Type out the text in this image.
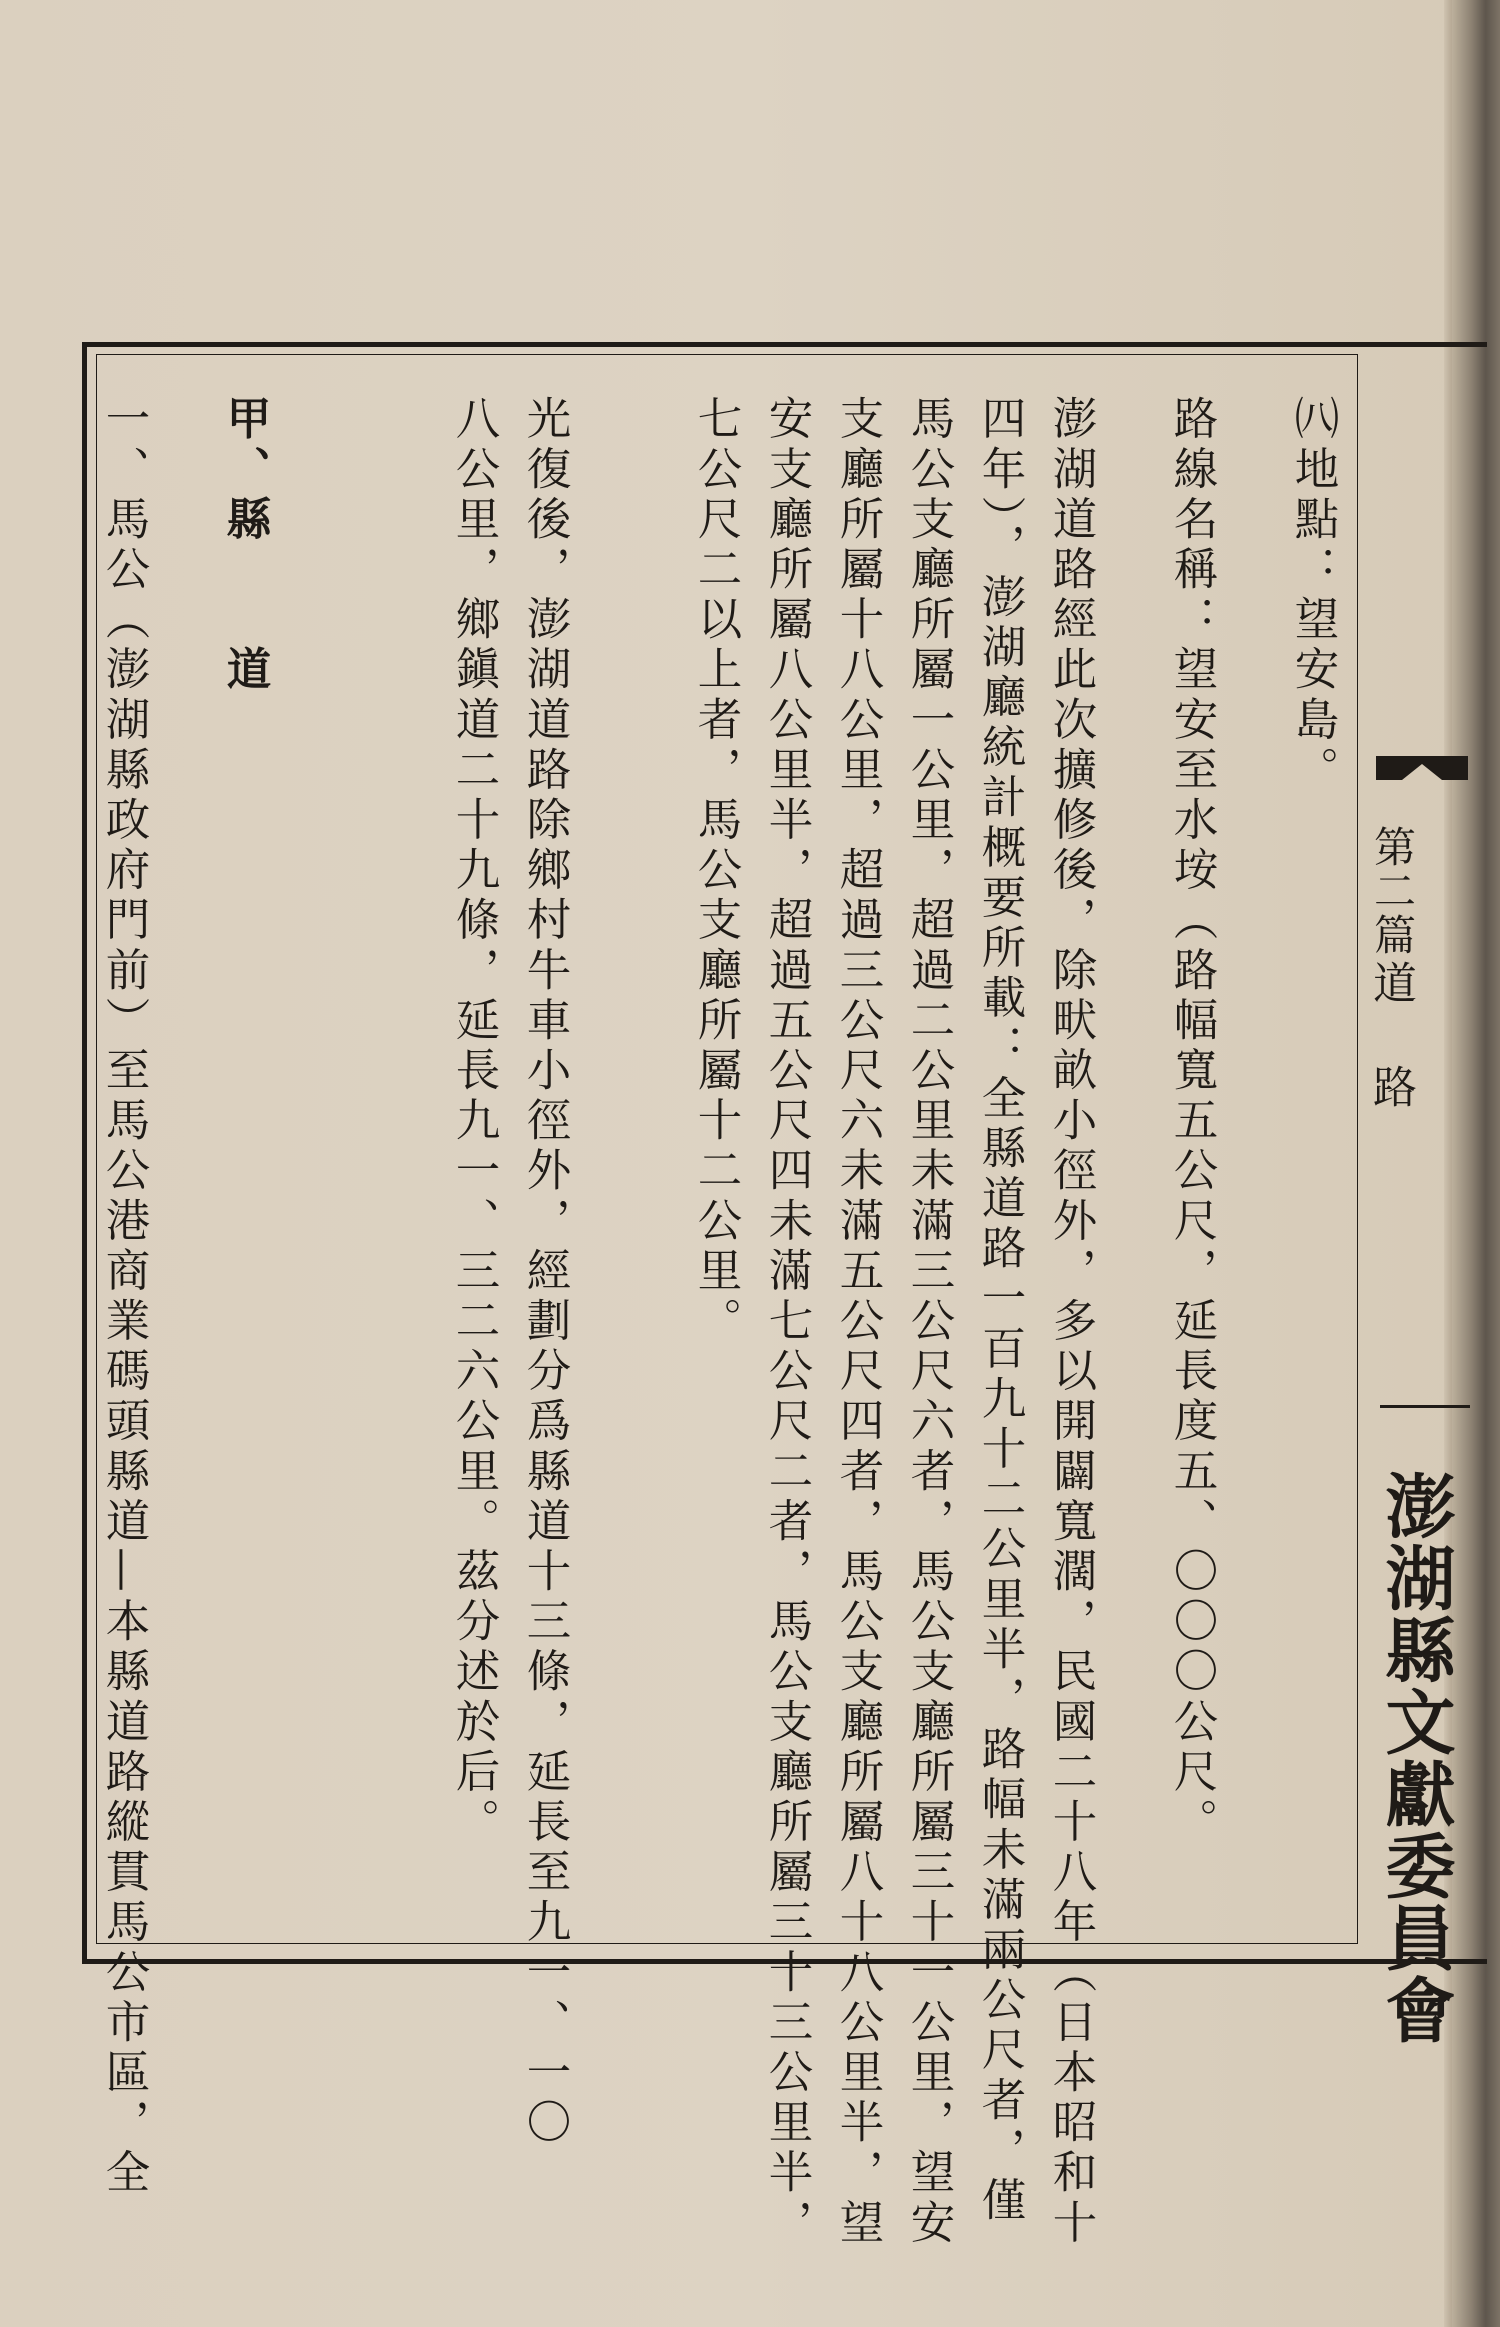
第二篇
道路
澎湖縣文獻委員會
㈧地點：望安島。
路線名稱：望安至水垵（路幅寬五公尺，延長度五、〇〇〇公尺。
澎湖道路經此次擴修後，除畎畝小徑外，多以開闢寬濶，民國二十八年（日本昭和十
四年），澎湖廳統計概要所載：全縣道路一百九十二公里半，路幅未滿兩公尺者，僅
馬公支廳所屬一公里，超過二公里未滿三公尺六者，馬公支廳所屬三十一公里，望安
支廳所屬十八公里，超過三公尺六未滿五公尺四者，馬公支廳所屬八十八公里半，望
安支廳所屬八公里半，超過五公尺四未滿七公尺二者，馬公支廳所屬三十三公里半，
七公尺二以上者，馬公支廳所屬十二公里。
光復後，澎湖道路除鄉村牛車小徑外，經劃分爲縣道十三條，延長至九一、一〇
八公里，鄉鎭道二十九條，延長九一、三二六公里。茲分述於后。
甲、縣　　道
一、馬公（澎湖縣政府門前）至馬公港商業碼頭縣道—本縣道路縱貫馬公市區，全
